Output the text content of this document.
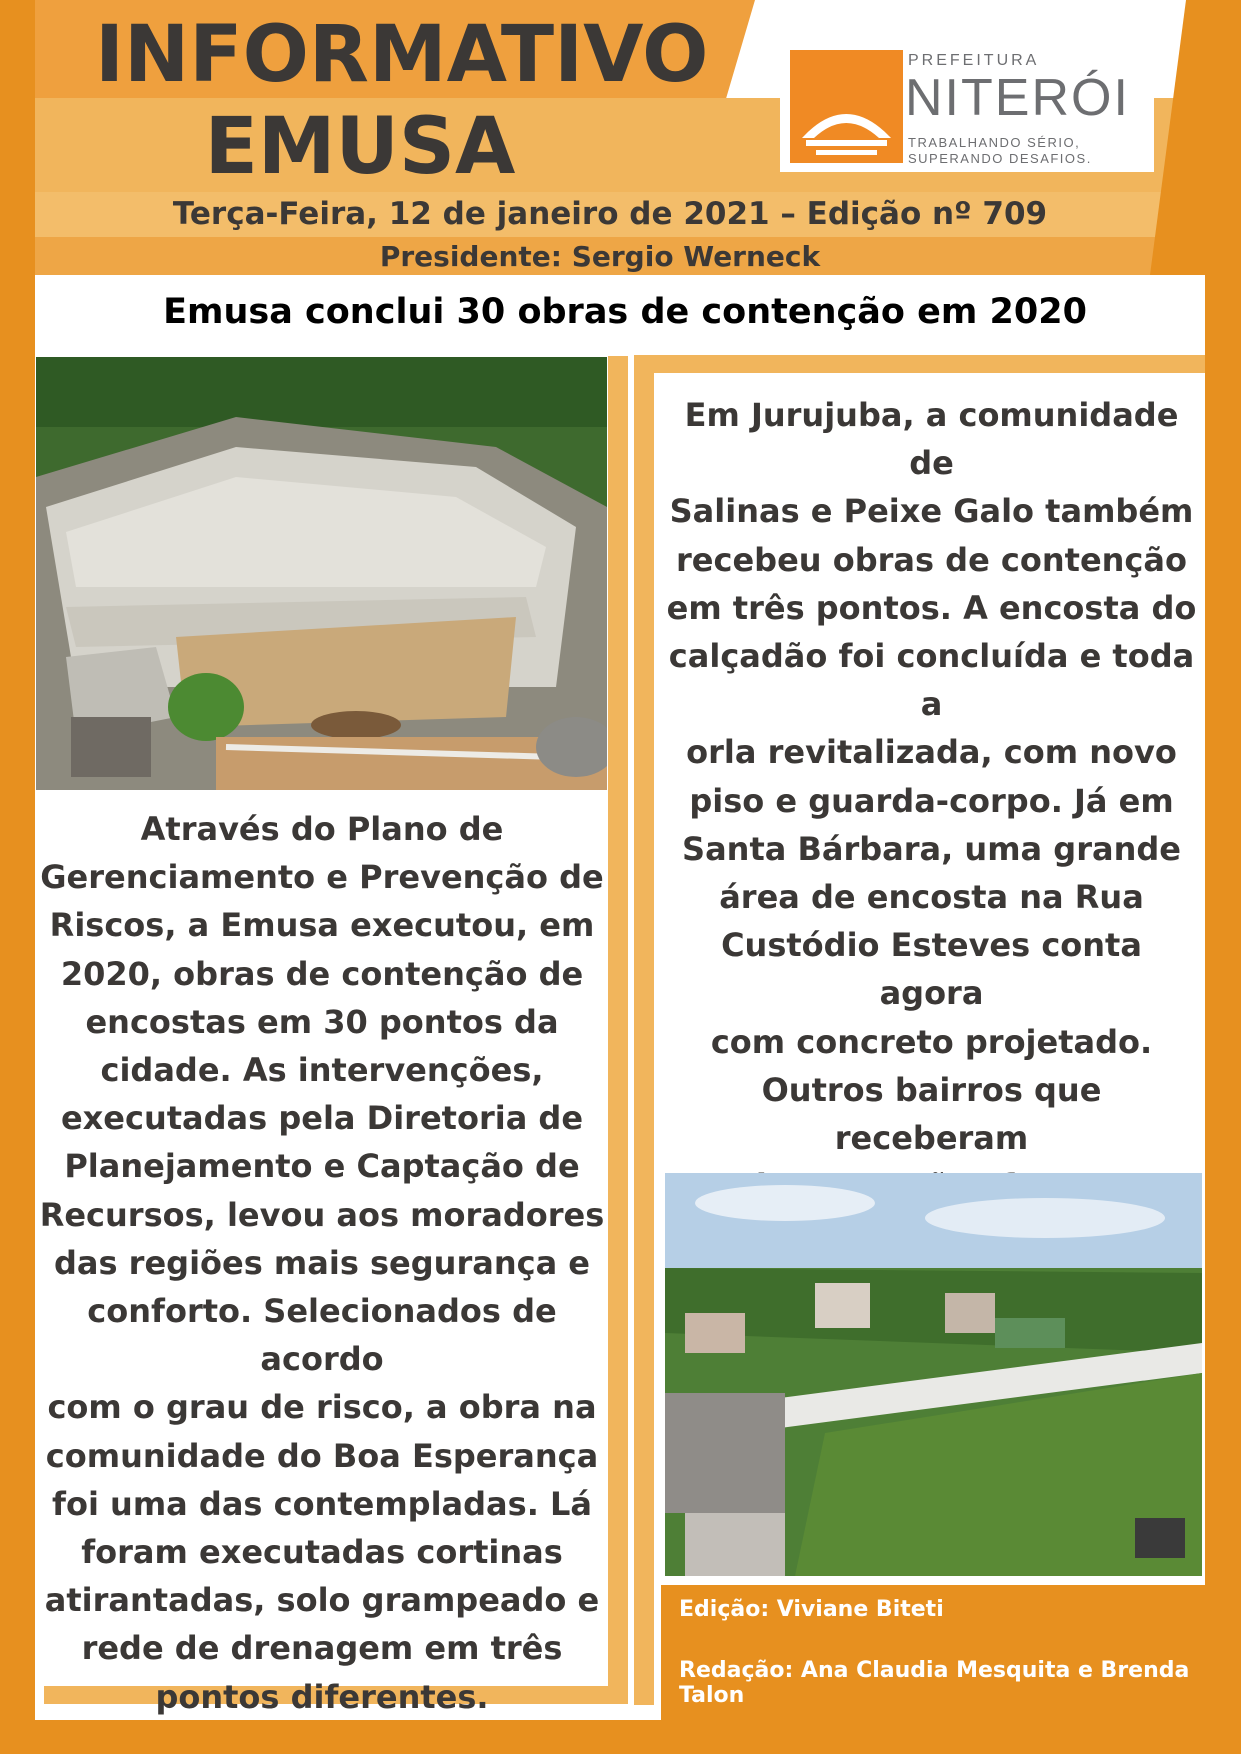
INFORMATIVO
EMUSA
Terça-Feira, 12 de janeiro de 2021 – Edição nº 709
Presidente: Sergio Werneck
PREFEITURA
NITERÓI
TRABALHANDO SÉRIO,
SUPERANDO DESAFIOS.
Emusa conclui 30 obras de contenção em 2020

Através do Plano de

Gerenciamento e Prevenção de

Riscos, a Emusa executou, em

2020, obras de contenção de

encostas em 30 pontos da

cidade. As intervenções,

executadas pela Diretoria de

Planejamento e Captação de

Recursos, levou aos moradores

das regiões mais segurança e

conforto. Selecionados de acordo

com o grau de risco, a obra na

comunidade do Boa Esperança

foi uma das contempladas. Lá

foram executadas cortinas

atirantadas, solo grampeado e

rede de drenagem em três

pontos diferentes.

Em Jurujuba, a comunidade de

Salinas e Peixe Galo também

recebeu obras de contenção

em três pontos. A encosta do

calçadão foi concluída e toda a

orla revitalizada, com novo

piso e guarda-corpo. Já em

Santa Bárbara, uma grande

área de encosta na Rua

Custódio Esteves conta agora

com concreto projetado.

Outros bairros que receberam

Edição: Viviane Biteti
Redação: Ana Claudia Mesquita e Brenda Talon
